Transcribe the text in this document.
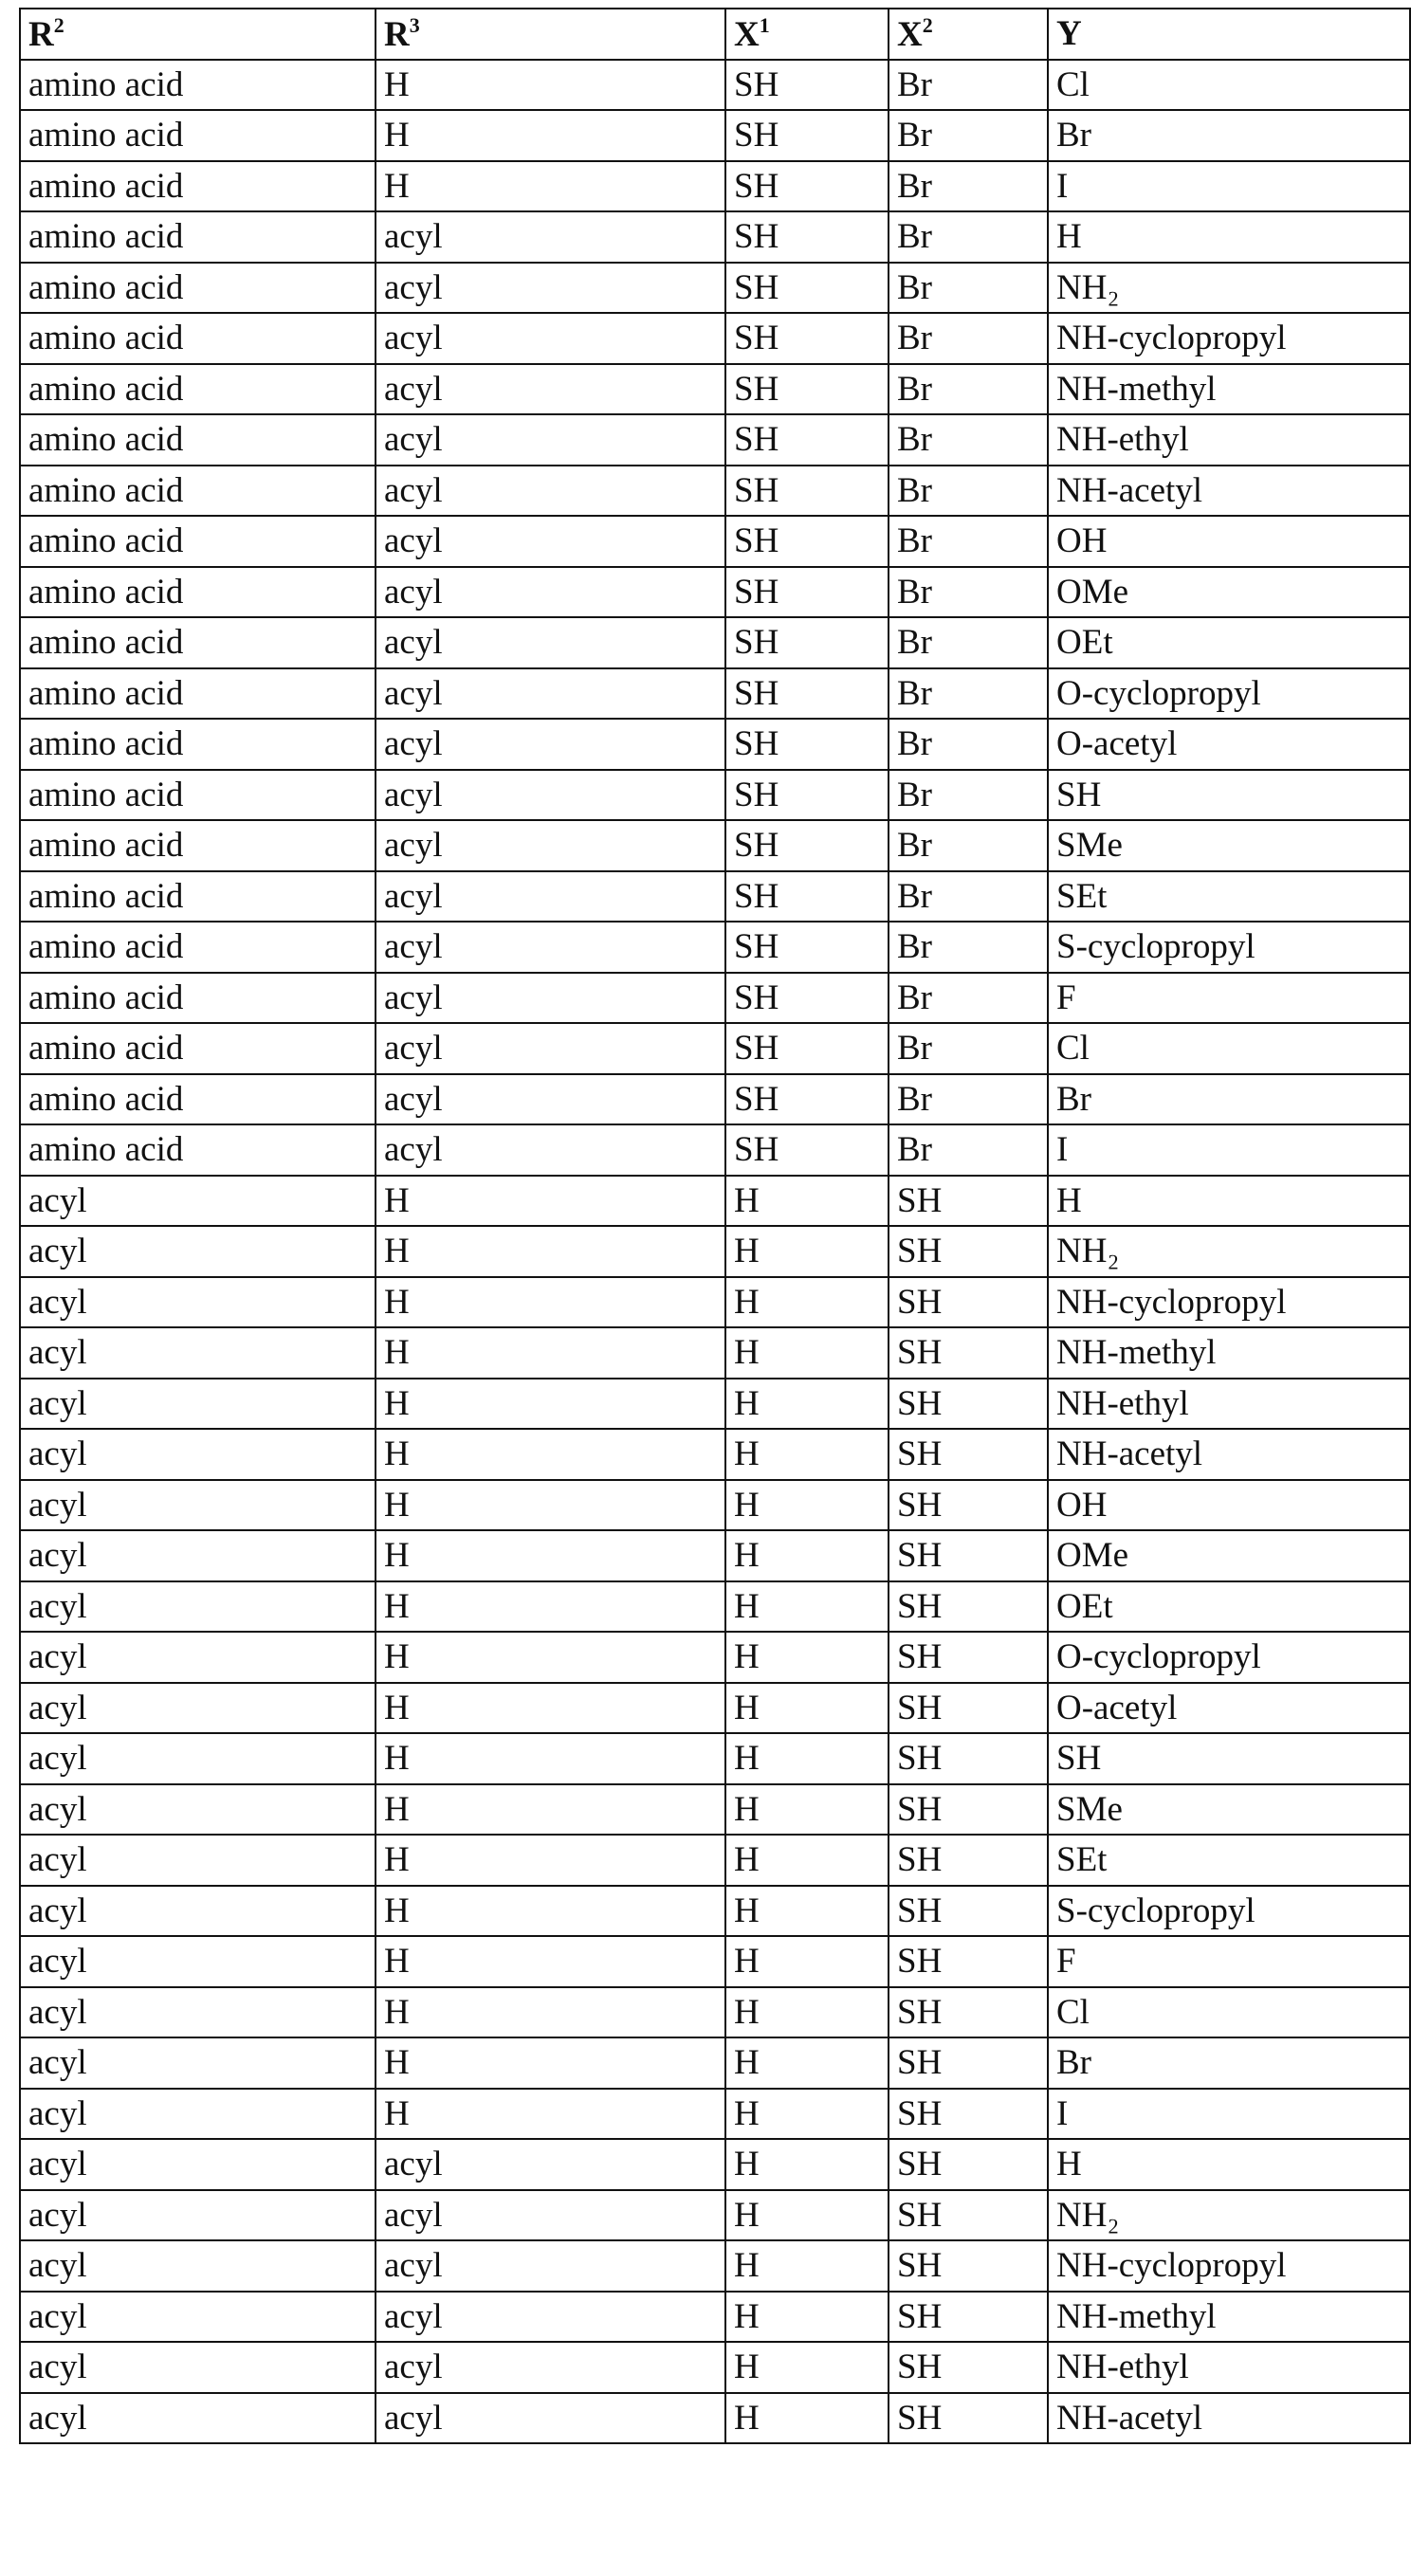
R2	R3	X1	X2	Y
amino acid	H	SH	Br	Cl
amino acid	H	SH	Br	Br
amino acid	H	SH	Br	I
amino acid	acyl	SH	Br	H
amino acid	acyl	SH	Br	NH₂
amino acid	acyl	SH	Br	NH-cyclopropyl
amino acid	acyl	SH	Br	NH-methyl
amino acid	acyl	SH	Br	NH-ethyl
amino acid	acyl	SH	Br	NH-acetyl
amino acid	acyl	SH	Br	OH
amino acid	acyl	SH	Br	OMe
amino acid	acyl	SH	Br	OEt
amino acid	acyl	SH	Br	O-cyclopropyl
amino acid	acyl	SH	Br	O-acetyl
amino acid	acyl	SH	Br	SH
amino acid	acyl	SH	Br	SMe
amino acid	acyl	SH	Br	SEt
amino acid	acyl	SH	Br	S-cyclopropyl
amino acid	acyl	SH	Br	F
amino acid	acyl	SH	Br	Cl
amino acid	acyl	SH	Br	Br
amino acid	acyl	SH	Br	I
acyl	H	H	SH	H
acyl	H	H	SH	NH₂
acyl	H	H	SH	NH-cyclopropyl
acyl	H	H	SH	NH-methyl
acyl	H	H	SH	NH-ethyl
acyl	H	H	SH	NH-acetyl
acyl	H	H	SH	OH
acyl	H	H	SH	OMe
acyl	H	H	SH	OEt
acyl	H	H	SH	O-cyclopropyl
acyl	H	H	SH	O-acetyl
acyl	H	H	SH	SH
acyl	H	H	SH	SMe
acyl	H	H	SH	SEt
acyl	H	H	SH	S-cyclopropyl
acyl	H	H	SH	F
acyl	H	H	SH	Cl
acyl	H	H	SH	Br
acyl	H	H	SH	I
acyl	acyl	H	SH	H
acyl	acyl	H	SH	NH₂
acyl	acyl	H	SH	NH-cyclopropyl
acyl	acyl	H	SH	NH-methyl
acyl	acyl	H	SH	NH-ethyl
acyl	acyl	H	SH	NH-acetyl
